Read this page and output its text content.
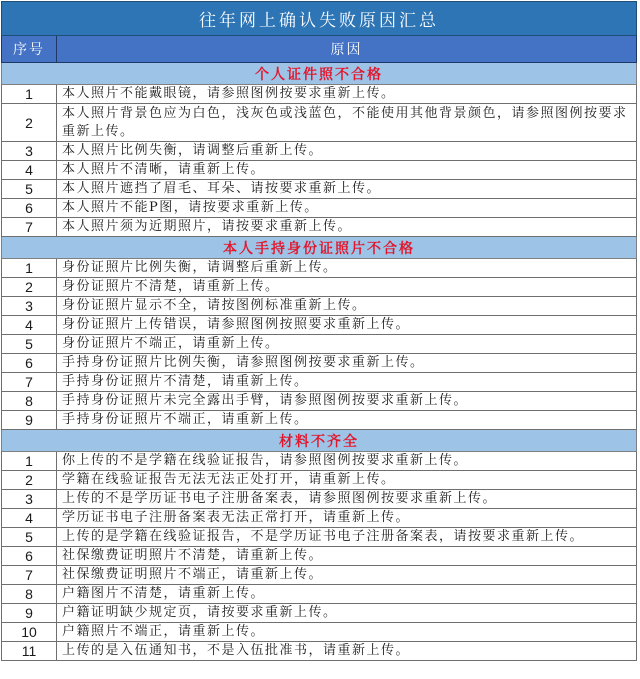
往年网上确认失败原因汇总	
序号	原因
个人证件照不合格	
1	本人照片不能戴眼镜，请参照图例按要求重新上传。
2	本人照片背景色应为白色，浅灰色或浅蓝色，不能使用其他背景颜色，请参照图例按要求重新上传。
3	本人照片比例失衡，请调整后重新上传。
4	本人照片不清晰，请重新上传。
5	本人照片遮挡了眉毛、耳朵、请按要求重新上传。
6	本人照片不能P图，请按要求重新上传。
7	本人照片须为近期照片，请按要求重新上传。
本人手持身份证照片不合格	
1	身份证照片比例失衡，请调整后重新上传。
2	身份证照片不清楚，请重新上传。
3	身份证照片显示不全，请按图例标准重新上传。
4	身份证照片上传错误，请参照图例按照要求重新上传。
5	身份证照片不端正，请重新上传。
6	手持身份证照片比例失衡，请参照图例按要求重新上传。
7	手持身份证照片不清楚，请重新上传。
8	手持身份证照片未完全露出手臂，请参照图例按要求重新上传。
9	手持身份证照片不端正，请重新上传。
材料不齐全	
1	你上传的不是学籍在线验证报告，请参照图例按要求重新上传。
2	学籍在线验证报告无法无法正处打开，请重新上传。
3	上传的不是学历证书电子注册备案表，请参照图例按要求重新上传。
4	学历证书电子注册备案表无法正常打开，请重新上传。
5	上传的是学籍在线验证报告，不是学历证书电子注册备案表，请按要求重新上传。
6	社保缴费证明照片不清楚，请重新上传。
7	社保缴费证明照片不端正，请重新上传。
8	户籍图片不清楚，请重新上传。
9	户籍证明缺少规定页，请按要求重新上传。
10	户籍照片不端正，请重新上传。
11	上传的是入伍通知书，不是入伍批准书，请重新上传。
